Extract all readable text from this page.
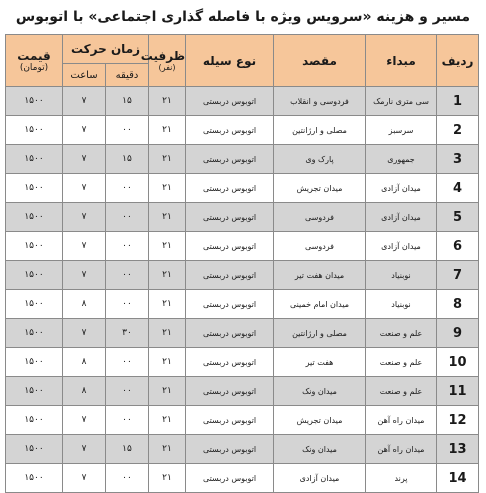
مسیر و هزینه «سرویس ویژه با فاصله گذاری اجتماعی» با اتوبوس
ردیف	مبداء	مقصد	نوع سیله	ظرفیت
(نفر)	زمان حرکت		قیمت
(تومان)

					دقیقه	ساعت	
1	سی متری نارمک	فردوسی و انقلاب	اتوبوس دربستی	۲۱	۱۵	۷	۱۵۰۰
2	سرسبز	مصلی و ارژانتین	اتوبوس دربستی	۲۱	۰۰	۷	۱۵۰۰
3	جمهوری	پارک وی	اتوبوس دربستی	۲۱	۱۵	۷	۱۵۰۰
4	میدان آزادی	میدان تجریش	اتوبوس دربستی	۲۱	۰۰	۷	۱۵۰۰
5	میدان آزادی	فردوسی	اتوبوس دربستی	۲۱	۰۰	۷	۱۵۰۰
6	میدان آزادی	فردوسی	اتوبوس دربستی	۲۱	۰۰	۷	۱۵۰۰
7	نوبنیاد	میدان هفت تیر	اتوبوس دربستی	۲۱	۰۰	۷	۱۵۰۰
8	نوبنیاد	میدان امام خمینی	اتوبوس دربستی	۲۱	۰۰	۸	۱۵۰۰
9	علم و صنعت	مصلی و ارژانتین	اتوبوس دربستی	۲۱	۳۰	۷	۱۵۰۰
10	علم و صنعت	هفت تیر	اتوبوس دربستی	۲۱	۰۰	۸	۱۵۰۰
11	علم و صنعت	میدان ونک	اتوبوس دربستی	۲۱	۰۰	۸	۱۵۰۰
12	میدان راه آهن	میدان تجریش	اتوبوس دربستی	۲۱	۰۰	۷	۱۵۰۰
13	میدان راه آهن	میدان ونک	اتوبوس دربستی	۲۱	۱۵	۷	۱۵۰۰
14	پرند	میدان آزادی	اتوبوس دربستی	۲۱	۰۰	۷	۱۵۰۰
